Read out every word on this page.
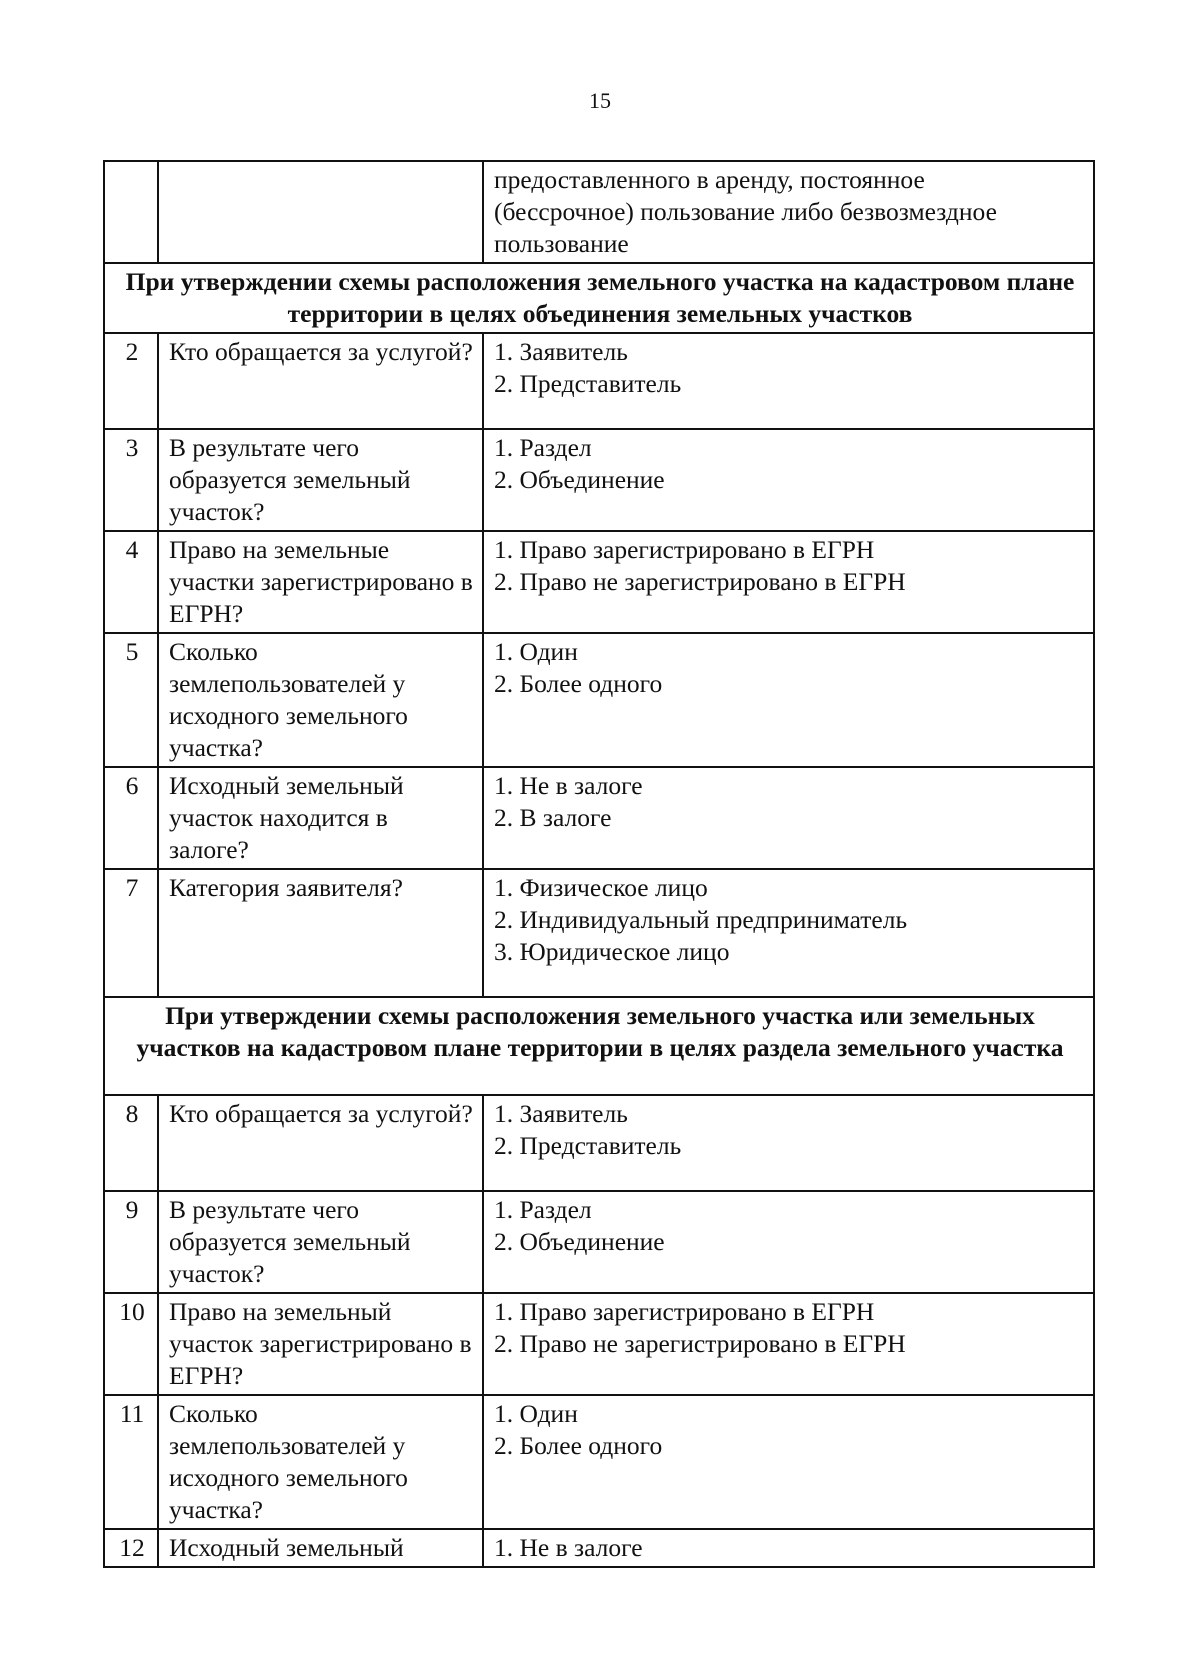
15

		предоставленного в аренду, постоянное
(бессрочное) пользование либо безвозмездное
пользование

При утверждении схемы расположения земельного участка на кадастровом плане территории в целях объединения земельных участков		
2	Кто обращается за услугой?	1. Заявитель
2. Представитель

3	В результате чего образуется земельный участок?	1. Раздел
2. Объединение

4	Право на земельные участки зарегистрировано в ЕГРН?	1. Право зарегистрировано в ЕГРН
2. Право не зарегистрировано в ЕГРН

5	Сколько землепользователей у исходного земельного участка?	1. Один
2. Более одного

6	Исходный земельный участок находится в залоге?	1. Не в залоге
2. В залоге

7	Категория заявителя?	1. Физическое лицо
2. Индивидуальный предприниматель
3. Юридическое лицо

При утверждении схемы расположения земельного участка или земельных участков на кадастровом плане территории в целях раздела земельного участка		
8	Кто обращается за услугой?	1. Заявитель
2. Представитель

9	В результате чего образуется земельный участок?	1. Раздел
2. Объединение

10	Право на земельный участок зарегистрировано в ЕГРН?	1. Право зарегистрировано в ЕГРН
2. Право не зарегистрировано в ЕГРН

11	Сколько землепользователей у исходного земельного участка?	1. Один
2. Более одного

12	Исходный земельный	1. Не в залоге
